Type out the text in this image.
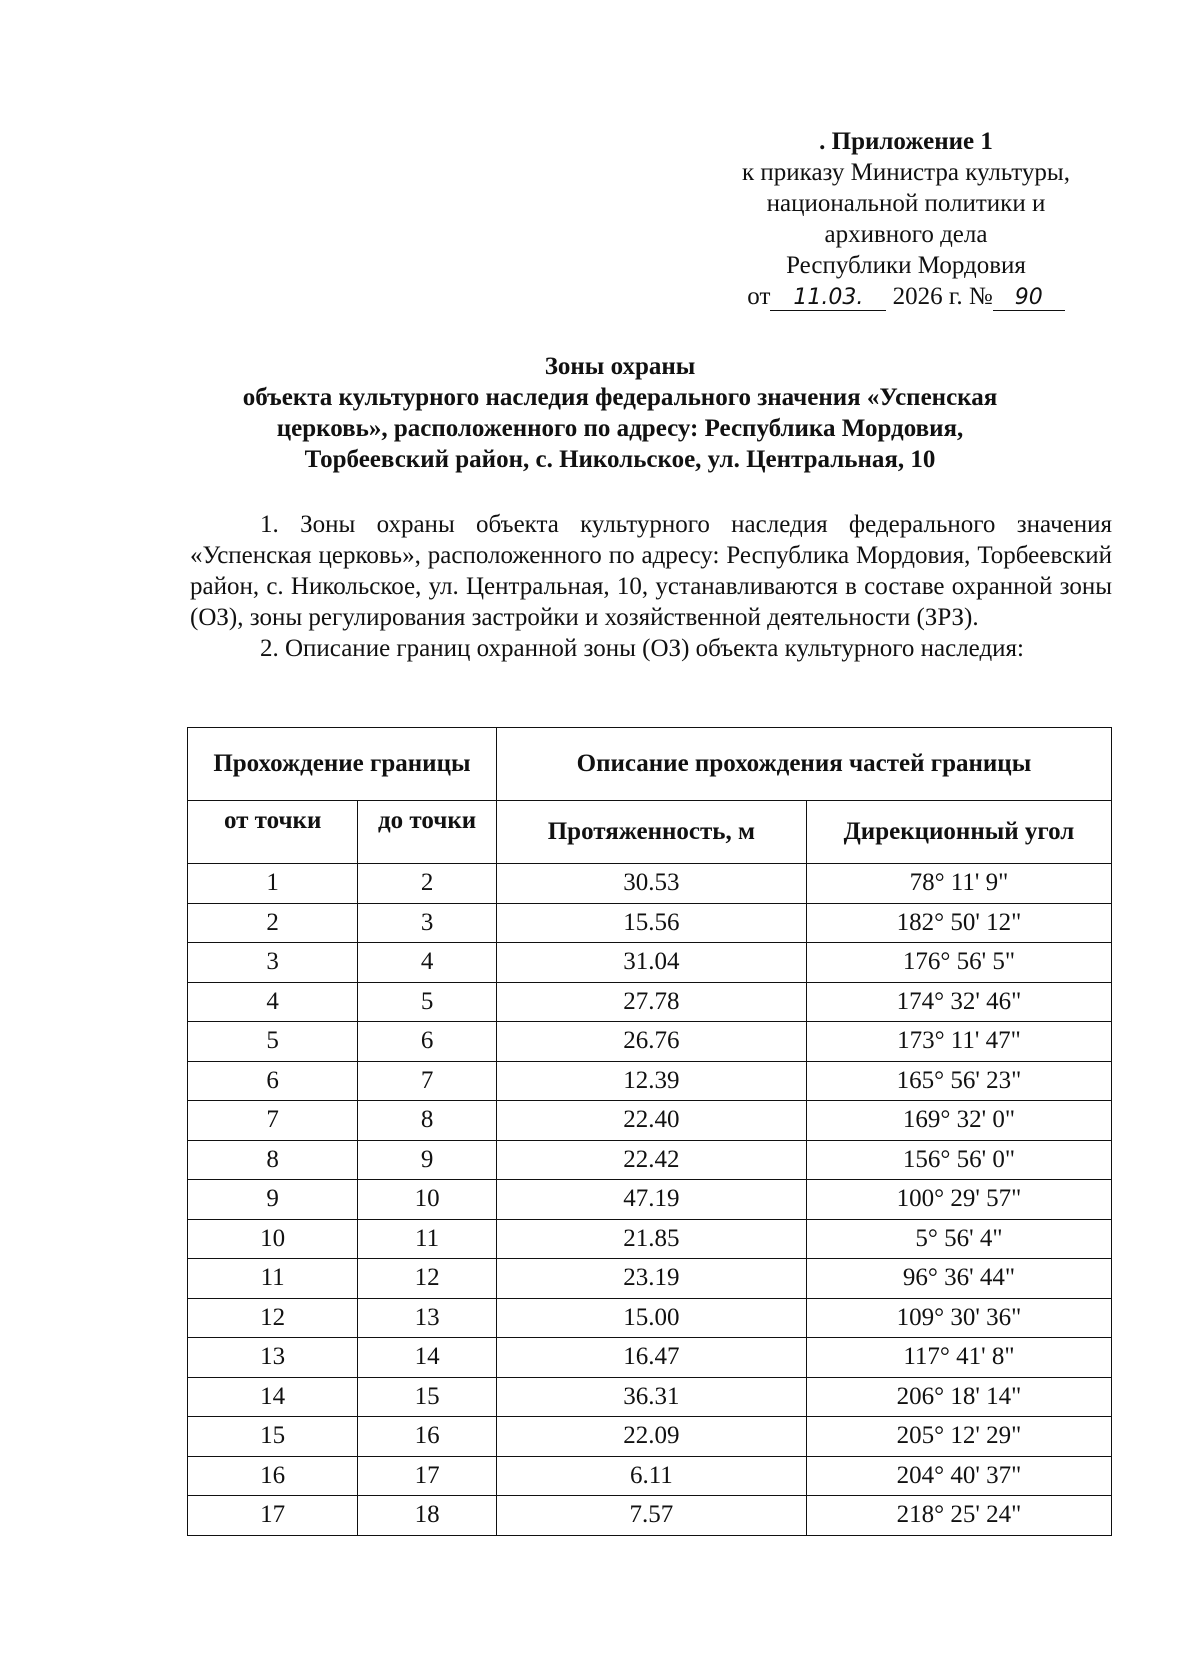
. Приложение 1
к приказу Министра культуры,
национальной политики и
архивного дела
Республики Мордовия
от 11.03. 2026 г. № 90
Зоны охраны
объекта культурного наследия федерального значения «Успенская
церковь», расположенного по адресу: Республика Мордовия,
Торбеевский район, с. Никольское, ул. Центральная, 10

1. Зоны охраны объекта культурного наследия федерального значения «Успенская церковь», расположенного по адресу: Республика Мордовия, Торбеевский район, с. Никольское, ул. Центральная, 10, устанавливаются в составе охранной зоны (ОЗ), зоны регулирования застройки и хозяйственной деятельности (ЗРЗ).

2. Описание границ охранной зоны (ОЗ) объекта культурного наследия:

Прохождение границы		Описание прохождения частей границы	
от точки	до точки	Протяженность, м	Дирекционный угол
1	2	30.53	78° 11' 9"
2	3	15.56	182° 50' 12"
3	4	31.04	176° 56' 5"
4	5	27.78	174° 32' 46"
5	6	26.76	173° 11' 47"
6	7	12.39	165° 56' 23"
7	8	22.40	169° 32' 0"
8	9	22.42	156° 56' 0"
9	10	47.19	100° 29' 57"
10	11	21.85	5° 56' 4"
11	12	23.19	96° 36' 44"
12	13	15.00	109° 30' 36"
13	14	16.47	117° 41' 8"
14	15	36.31	206° 18' 14"
15	16	22.09	205° 12' 29"
16	17	6.11	204° 40' 37"
17	18	7.57	218° 25' 24"
